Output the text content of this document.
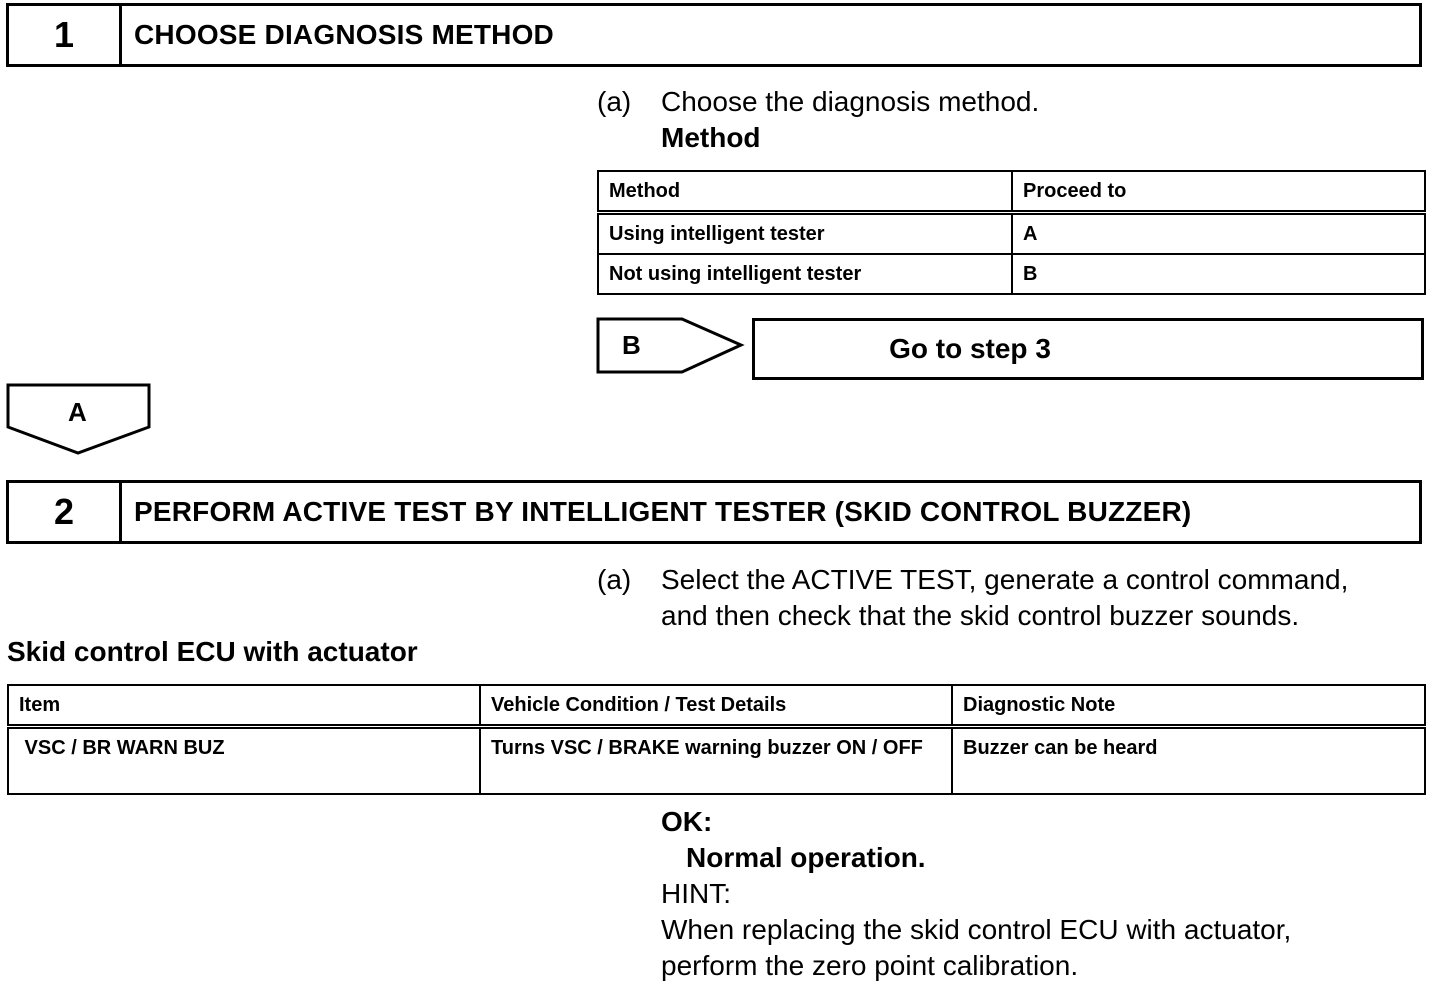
1	CHOOSE DIAGNOSIS METHOD
(a) Choose the diagnosis method.
Method
Method	Proceed to
Using intelligent tester	A
Not using intelligent tester	B
B	Go to step 3
A
2	PERFORM ACTIVE TEST BY INTELLIGENT TESTER (SKID CONTROL BUZZER)
(a) Select the ACTIVE TEST, generate a control command,
and then check that the skid control buzzer sounds.
Skid control ECU with actuator
Item	Vehicle Condition / Test Details	Diagnostic Note
VSC / BR WARN BUZ	Turns VSC / BRAKE warning buzzer ON / OFF	Buzzer can be heard
OK:
Normal operation.
HINT:
When replacing the skid control ECU with actuator,
perform the zero point calibration.
